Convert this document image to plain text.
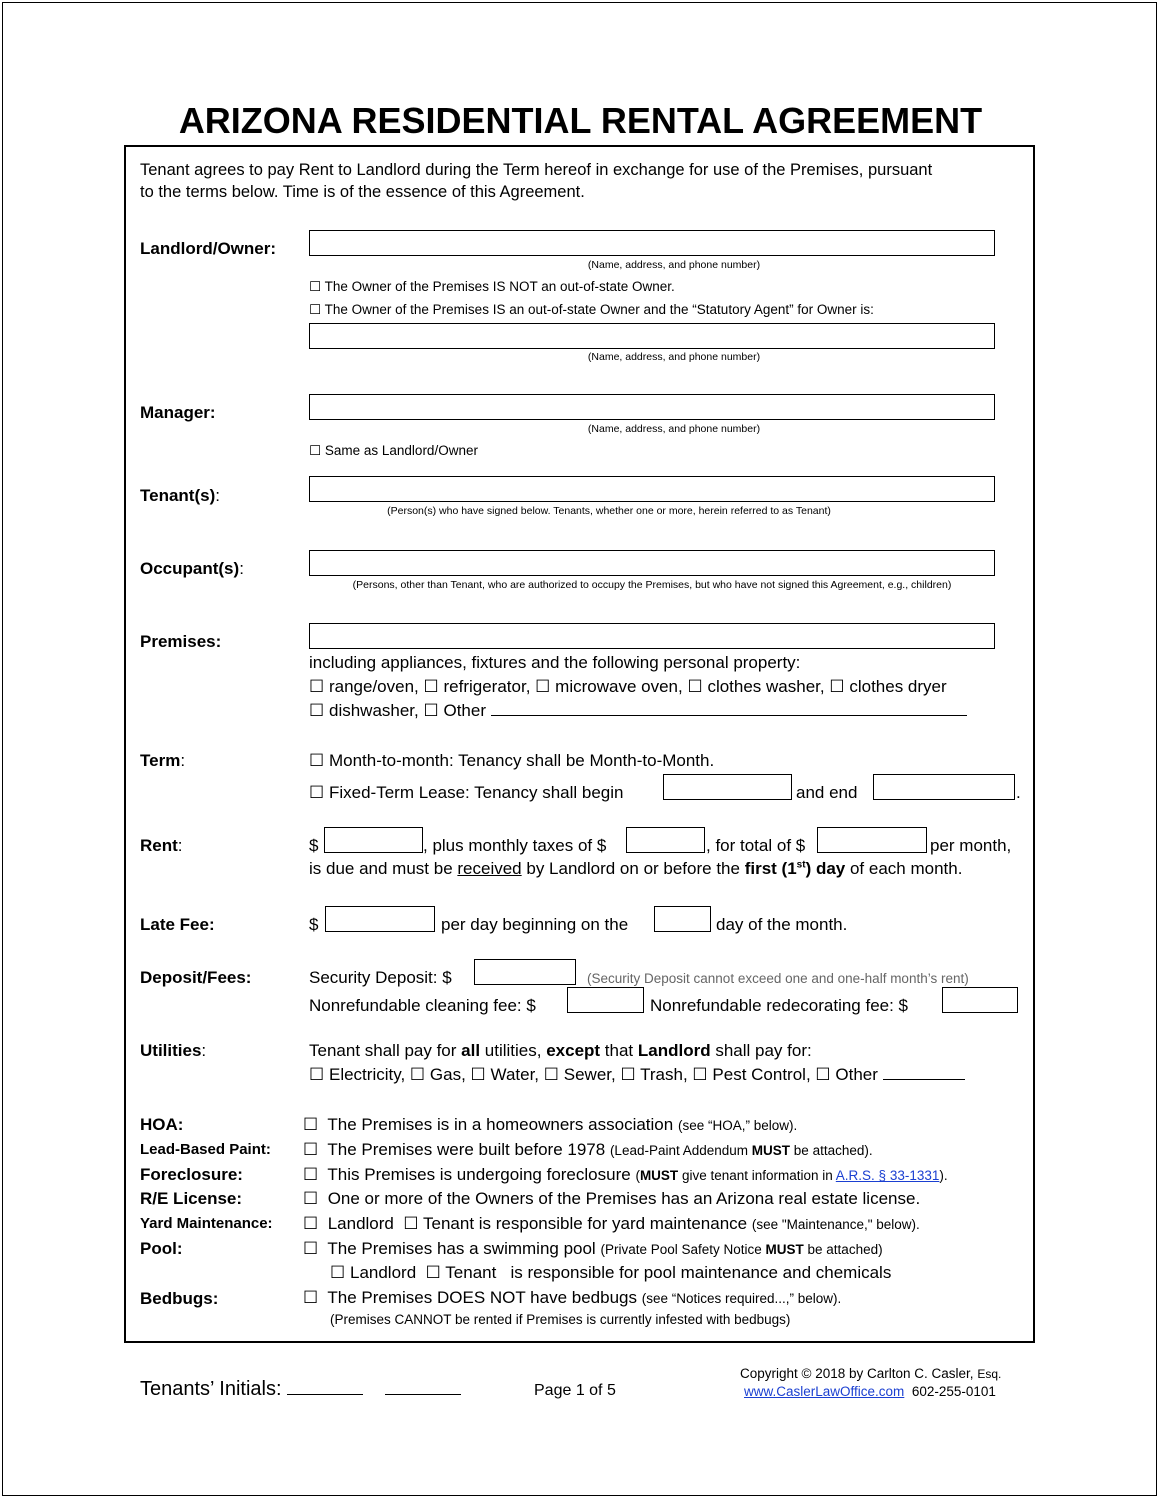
ARIZONA RESIDENTIAL RENTAL AGREEMENT
Tenant agrees to pay Rent to Landlord during the Term hereof in exchange for use of the Premises, pursuant
to the terms below. Time is of the essence of this Agreement.
Landlord/Owner:
(Name, address, and phone number)
☐ The Owner of the Premises IS NOT an out-of-state Owner.
☐ The Owner of the Premises IS an out-of-state Owner and the “Statutory Agent” for Owner is:
(Name, address, and phone number)
Manager:
(Name, address, and phone number)
☐ Same as Landlord/Owner
Tenant(s):
(Person(s) who have signed below. Tenants, whether one or more, herein referred to as Tenant)
Occupant(s):
(Persons, other than Tenant, who are authorized to occupy the Premises, but who have not signed this Agreement, e.g., children)
Premises:
including appliances, fixtures and the following personal property:
☐ range/oven, ☐ refrigerator, ☐ microwave oven, ☐ clothes washer, ☐ clothes dryer
☐ dishwasher, ☐ Other
Term:	☐ Month-to-month: Tenancy shall be Month-to-Month.
☐ Fixed-Term Lease: Tenancy shall begin	and end	.
Rent:	$	, plus monthly taxes of $	, for total of $	per month,
is due and must be received by Landlord on or before the first (1st) day of each month.
Late Fee:	$	per day beginning on the	day of the month.
Deposit/Fees:	Security Deposit: $	(Security Deposit cannot exceed one and one-half month’s rent)
Nonrefundable cleaning fee: $	Nonrefundable redecorating fee: $
Utilities:	Tenant shall pay for all utilities, except that Landlord shall pay for:
☐ Electricity, ☐ Gas, ☐ Water, ☐ Sewer, ☐ Trash, ☐ Pest Control, ☐ Other
HOA:	☐ The Premises is in a homeowners association (see “HOA,” below).
Lead-Based Paint: ☐ The Premises were built before 1978 (Lead-Paint Addendum MUST be attached).
Foreclosure:	☐ This Premises is undergoing foreclosure (MUST give tenant information in A.R.S. § 33-1331).
R/E License:	☐ One or more of the Owners of the Premises has an Arizona real estate license.
Yard Maintenance: ☐ Landlord ☐ Tenant is responsible for yard maintenance (see "Maintenance," below).
Pool:	☐ The Premises has a swimming pool (Private Pool Safety Notice MUST be attached)
☐ Landlord ☐ Tenant is responsible for pool maintenance and chemicals
Bedbugs:	☐ The Premises DOES NOT have bedbugs (see “Notices required...,” below).
(Premises CANNOT be rented if Premises is currently infested with bedbugs)
Tenants’ Initials:	Page 1 of 5
Copyright © 2018 by Carlton C. Casler, Esq.
www.CaslerLawOffice.com 602-255-0101
